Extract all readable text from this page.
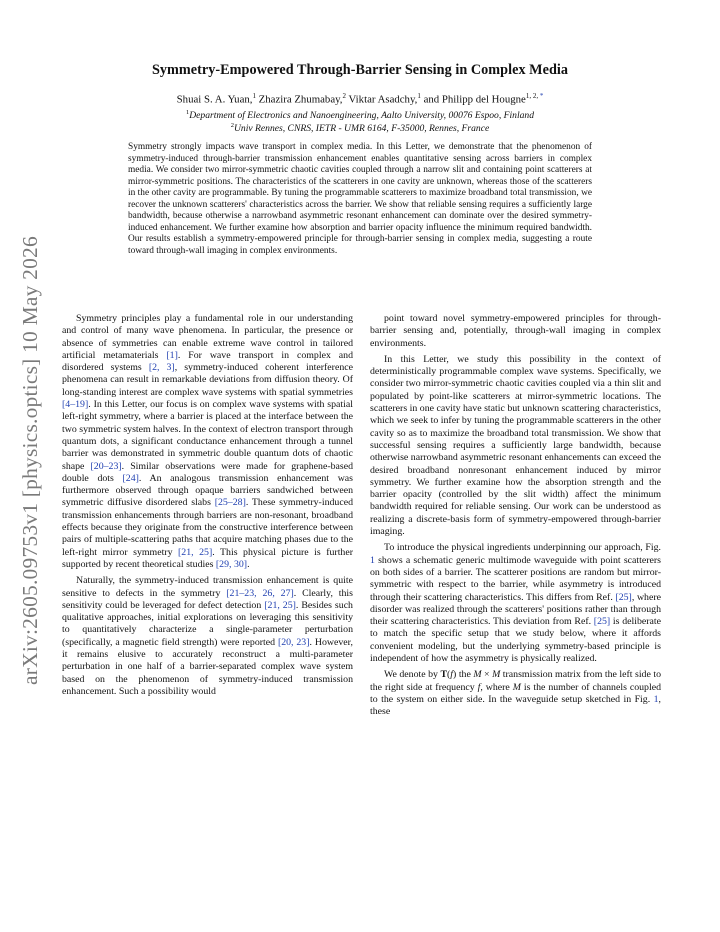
arXiv:2605.09753v1 [physics.optics] 10 May 2026
Symmetry-Empowered Through-Barrier Sensing in Complex Media
Shuai S. A. Yuan,$^1$ Zhazira Zhumabay,$^2$ Viktar Asadchy,$^1$ and Philipp del Hougne$^{1, 2, *}$
$^1$Department of Electronics and Nanoengineering, Aalto University, 00076 Espoo, Finland
$^2$Univ Rennes, CNRS, IETR - UMR 6164, F-35000, Rennes, France
Symmetry strongly impacts wave transport in complex media. In this Letter, we demonstrate that the phenomenon of symmetry-induced through-barrier transmission enhancement enables quantitative sensing across barriers in complex media. We consider two mirror-symmetric chaotic cavities coupled through a narrow slit and containing point scatterers at mirror-symmetric positions. The characteristics of the scatterers in one cavity are unknown, whereas those of the scatterers in the other cavity are programmable. By tuning the programmable scatterers to maximize broadband total transmission, we recover the unknown scatterers' characteristics across the barrier. We show that reliable sensing requires a sufficiently large bandwidth, because otherwise a narrowband asymmetric resonant enhancement can dominate over the desired symmetry-induced enhancement. We further examine how absorption and barrier opacity influence the minimum required bandwidth. Our results establish a symmetry-empowered principle for through-barrier sensing in complex media, suggesting a route toward through-wall imaging in complex environments.

Symmetry principles play a fundamental role in our understanding and control of many wave phenomena. In particular, the presence or absence of symmetries can enable extreme wave control in tailored artificial metamaterials [1]. For wave transport in complex and disordered systems [2, 3], symmetry-induced coherent interference phenomena can result in remarkable deviations from diffusion theory. Of long-standing interest are complex wave systems with spatial symmetries [4–19]. In this Letter, our focus is on complex wave systems with spatial left-right symmetry, where a barrier is placed at the interface between the two symmetric system halves. In the context of electron transport through quantum dots, a significant conductance enhancement through a tunnel barrier was demonstrated in symmetric double quantum dots of chaotic shape [20–23]. Similar observations were made for graphene-based double dots [24]. An analogous transmission enhancement was furthermore observed through opaque barriers sandwiched between symmetric diffusive disordered slabs [25–28]. These symmetry-induced transmission enhancements through barriers are non-resonant, broadband effects because they originate from the constructive interference between pairs of multiple-scattering paths that acquire matching phases due to the left-right mirror symmetry [21, 25]. This physical picture is further supported by recent theoretical studies [29, 30].

Naturally, the symmetry-induced transmission enhancement is quite sensitive to defects in the symmetry [21–23, 26, 27]. Clearly, this sensitivity could be leveraged for defect detection [21, 25]. Besides such qualitative approaches, initial explorations on leveraging this sensitivity to quantitatively characterize a single-parameter perturbation (specifically, a magnetic field strength) were reported [20, 23]. However, it remains elusive to accurately reconstruct a multi-parameter perturbation in one half of a barrier-separated complex wave system based on the phenomenon of symmetry-induced transmission enhancement. Such a possibility would

point toward novel symmetry-empowered principles for through-barrier sensing and, potentially, through-wall imaging in complex environments.

In this Letter, we study this possibility in the context of deterministically programmable complex wave systems. Specifically, we consider two mirror-symmetric chaotic cavities coupled via a thin slit and populated by point-like scatterers at mirror-symmetric locations. The scatterers in one cavity have static but unknown scattering characteristics, which we seek to infer by tuning the programmable scatterers in the other cavity so as to maximize the broadband total transmission. We show that successful sensing requires a sufficiently large bandwidth, because otherwise narrowband asymmetric resonant enhancements can exceed the desired broadband nonresonant enhancement induced by mirror symmetry. We further examine how the absorption strength and the barrier opacity (controlled by the slit width) affect the minimum bandwidth required for reliable sensing. Our work can be understood as realizing a discrete-basis form of symmetry-empowered through-barrier imaging.

To introduce the physical ingredients underpinning our approach, Fig. 1 shows a schematic generic multimode waveguide with point scatterers on both sides of a barrier. The scatterer positions are random but mirror-symmetric with respect to the barrier, while asymmetry is introduced through their scattering characteristics. This differs from Ref. [25], where disorder was realized through the scatterers' positions rather than through their scattering characteristics. This deviation from Ref. [25] is deliberate to match the specific setup that we study below, where it affords convenient modeling, but the underlying symmetry-based principle is independent of how the asymmetry is physically realized.

We denote by T(f) the M × M transmission matrix from the left side to the right side at frequency f, where M is the number of channels coupled to the system on either side. In the waveguide setup sketched in Fig. 1, these
